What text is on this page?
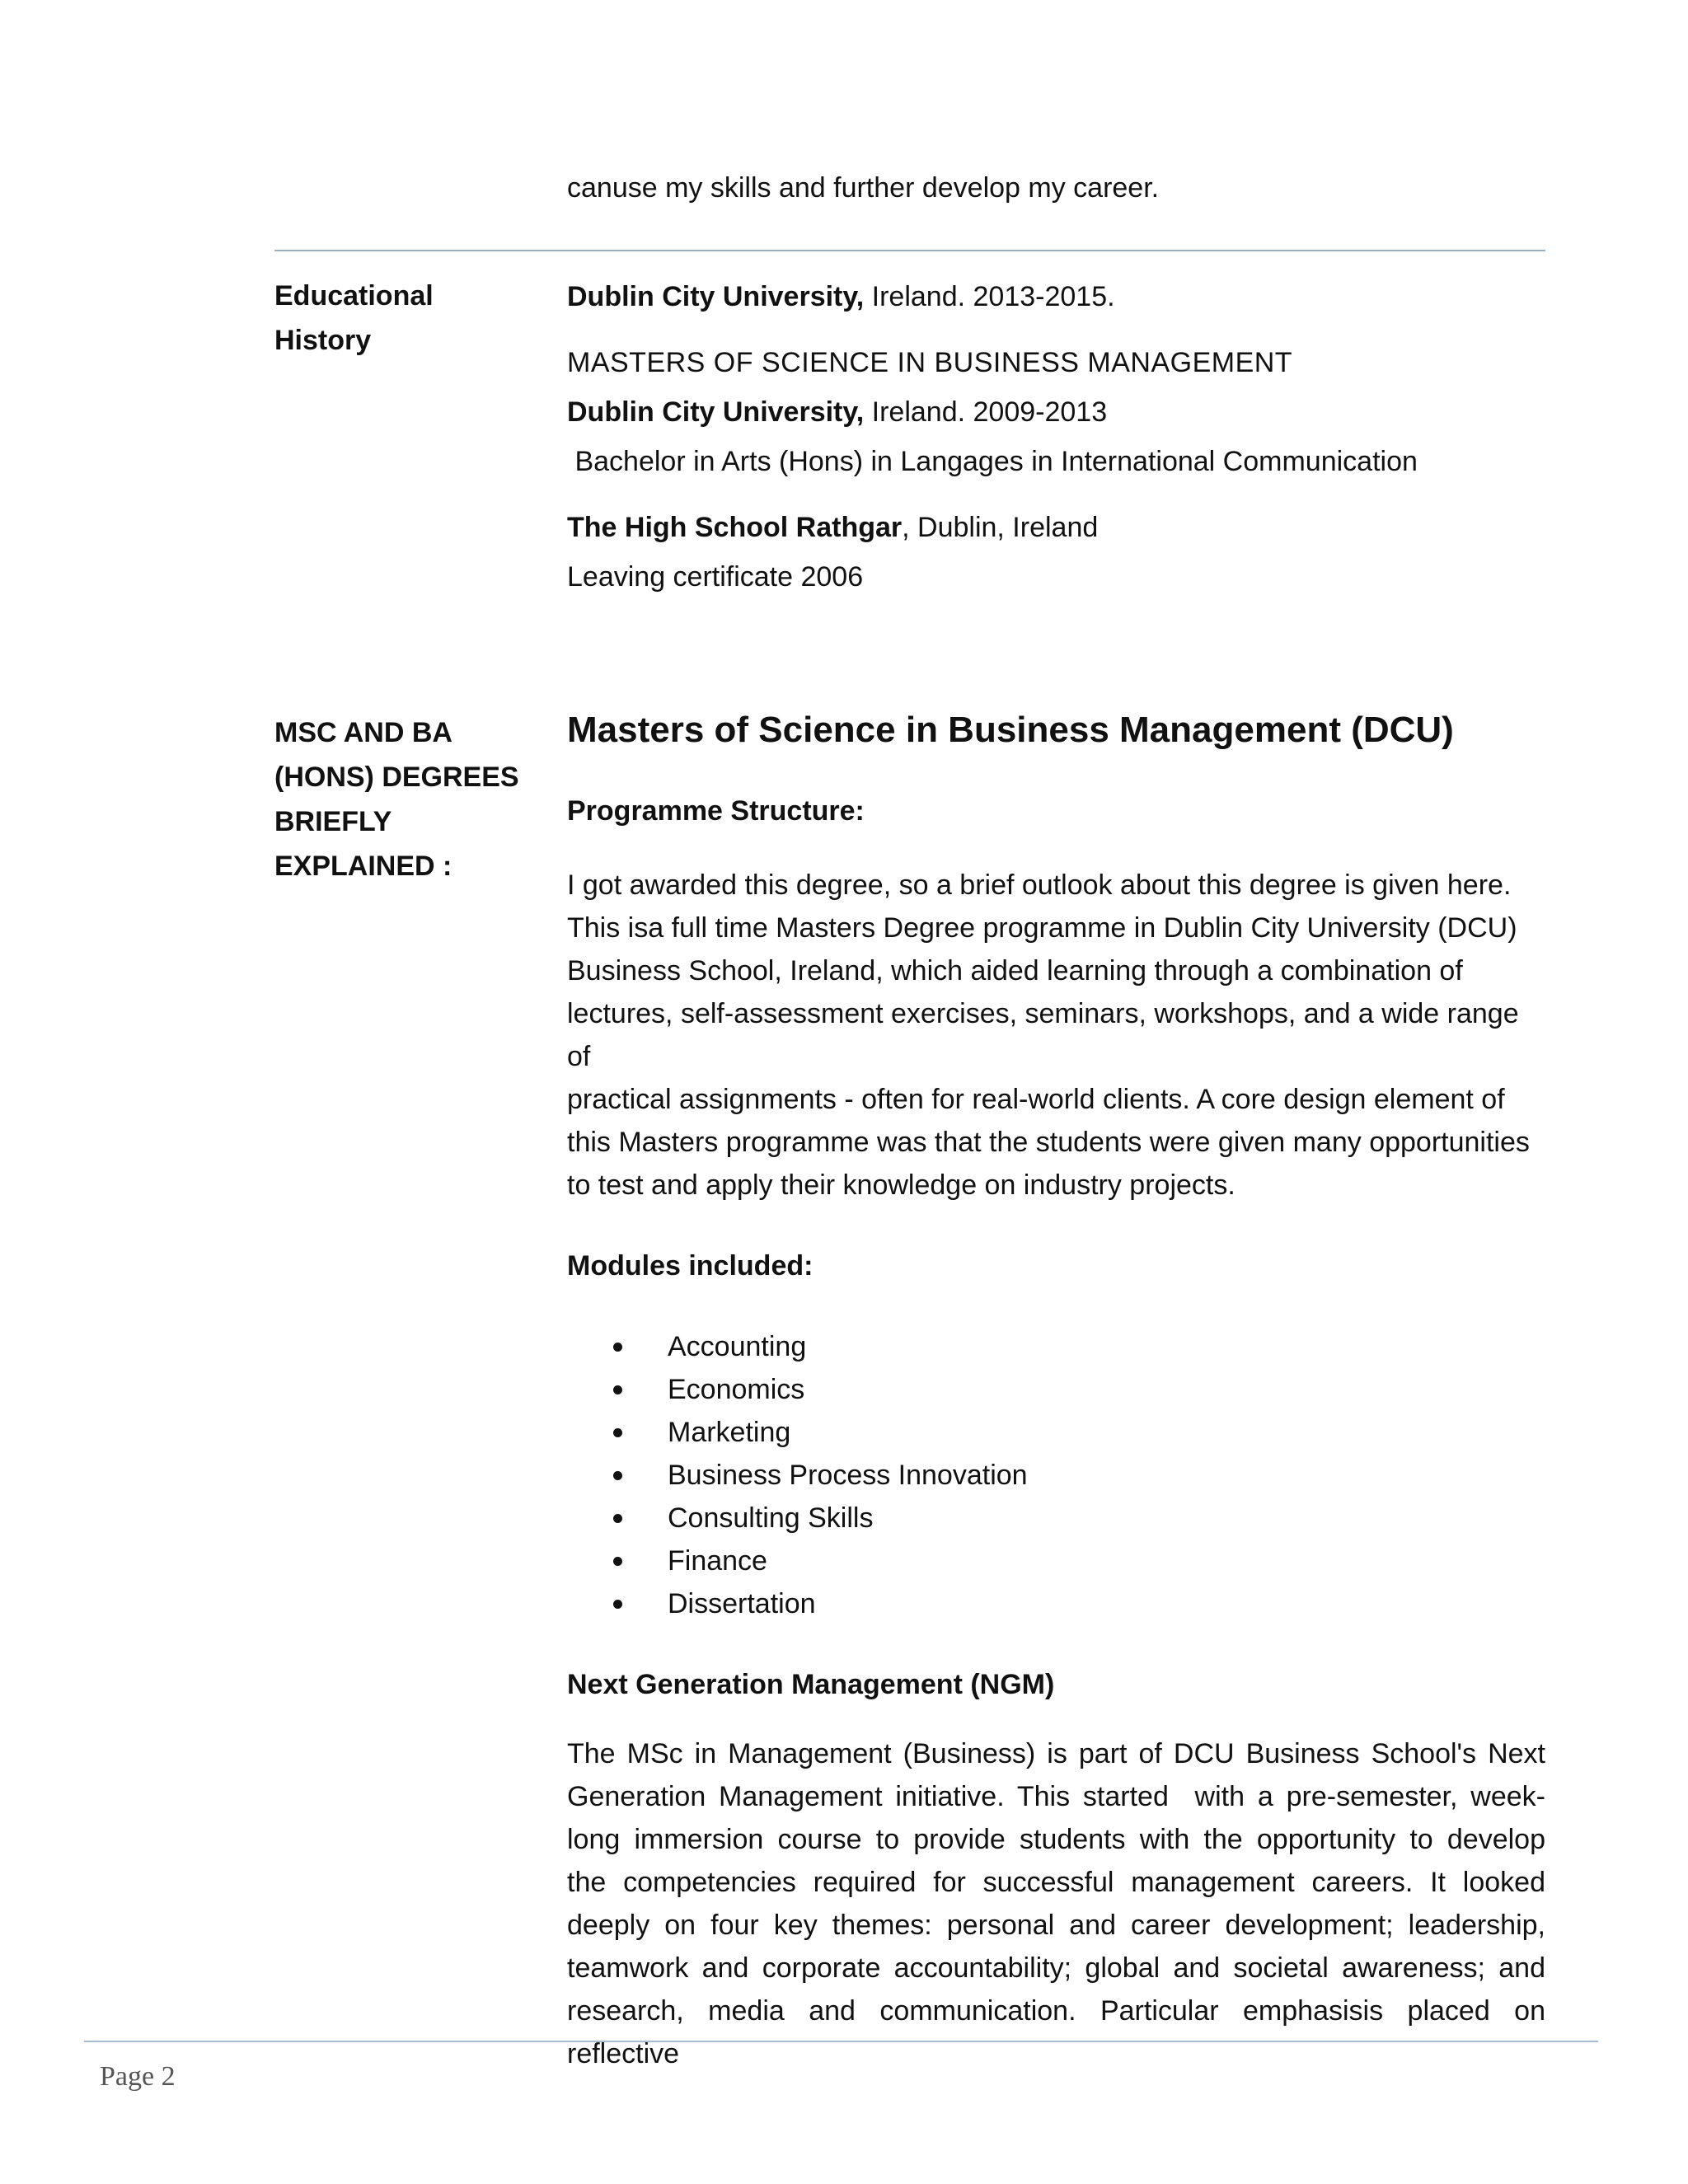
canuse my skills and further develop my career.

Educational
History

Dublin City University, Ireland. 2013-2015.

MASTERS OF SCIENCE IN BUSINESS MANAGEMENT

Dublin City University, Ireland. 2009-2013

Bachelor in Arts (Hons) in Langages in International Communication

The High School Rathgar, Dublin, Ireland

Leaving certificate 2006

MSC AND BA
(HONS) DEGREES
BRIEFLY
EXPLAINED :

Masters of Science in Business Management (DCU)

Programme Structure:

I got awarded this degree, so a brief outlook about this degree is given here.
This isa full time Masters Degree programme in Dublin City University (DCU)
Business School, Ireland, which aided learning through a combination of
lectures, self-assessment exercises, seminars, workshops, and a wide range of
practical assignments - often for real-world clients. A core design element of
this Masters programme was that the students were given many opportunities
to test and apply their knowledge on industry projects.

Modules included:

Accounting
Economics
Marketing
Business Process Innovation
Consulting Skills
Finance
Dissertation

Next Generation Management (NGM)

The MSc in Management (Business) is part of DCU Business School's Next
Generation Management initiative. This started  with a pre-semester, week-
long immersion course to provide students with the opportunity to develop
the competencies required for successful management careers. It looked
deeply on four key themes: personal and career development; leadership,
teamwork and corporate accountability; global and societal awareness; and
research, media and communication. Particular emphasisis placed on reflective

Page 2
